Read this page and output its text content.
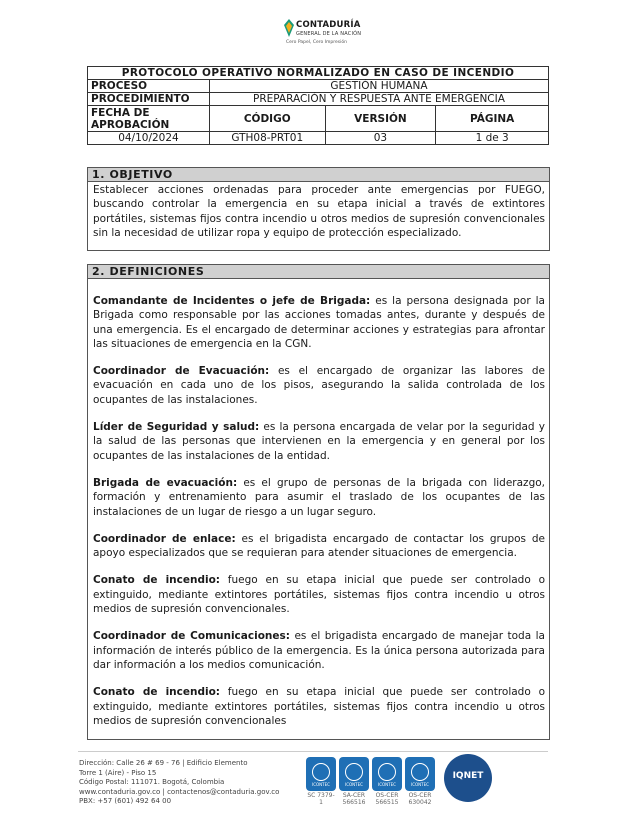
CONTADURÍA
GENERAL DE LA NACIÓN
Cero Papel, Cero Impresión
PROTOCOLO OPERATIVO NORMALIZADO EN CASO DE INCENDIO			
PROCESO	GESTIÓN HUMANA		
PROCEDIMIENTO	PREPARACIÓN Y RESPUESTA ANTE EMERGENCIA		
FECHA DE APROBACIÓN	CÓDIGO	VERSIÓN	PÁGINA
04/10/2024	GTH08-PRT01	03	1 de 3
1. OBJETIVO
Establecer acciones ordenadas para proceder ante emergencias por FUEGO, buscando controlar la emergencia en su etapa inicial a través de extintores portátiles, sistemas fijos contra incendio u otros medios de supresión convencionales sin la necesidad de utilizar ropa y equipo de protección especializado.
2. DEFINICIONES

Comandante de Incidentes o jefe de Brigada: es la persona designada por la Brigada como responsable por las acciones tomadas antes, durante y después de una emergencia. Es el encargado de determinar acciones y estrategias para afrontar las situaciones de emergencia en la CGN.

Coordinador de Evacuación: es el encargado de organizar las labores de evacuación en cada uno de los pisos, asegurando la salida controlada de los ocupantes de las instalaciones.

Líder de Seguridad y salud: es la persona encargada de velar por la seguridad y la salud de las personas que intervienen en la emergencia y en general por los ocupantes de las instalaciones de la entidad.

Brigada de evacuación: es el grupo de personas de la brigada con liderazgo, formación y entrenamiento para asumir el traslado de los ocupantes de las instalaciones de un lugar de riesgo a un lugar seguro.

Coordinador de enlace: es el brigadista encargado de contactar los grupos de apoyo especializados que se requieran para atender situaciones de emergencia.

Conato de incendio: fuego en su etapa inicial que puede ser controlado o extinguido, mediante extintores portátiles, sistemas fijos contra incendio u otros medios de supresión convencionales.

Coordinador de Comunicaciones: es el brigadista encargado de manejar toda la información de interés público de la emergencia. Es la única persona autorizada para dar información a los medios comunicación.

Conato de incendio: fuego en su etapa inicial que puede ser controlado o extinguido, mediante extintores portátiles, sistemas fijos contra incendio u otros medios de supresión convencionales

Dirección: Calle 26 # 69 - 76 | Edificio Elemento
Torre 1 (Aire) - Piso 15
Código Postal: 111071. Bogotá, Colombia
www.contaduria.gov.co | contactenos@contaduria.gov.co
PBX: +57 (601) 492 64 00
ICONTEC
SC 7379-1
ICONTEC
SA-CER 566516
ICONTEC
OS-CER 566515
ICONTEC
OS-CER 630042
IQNET
